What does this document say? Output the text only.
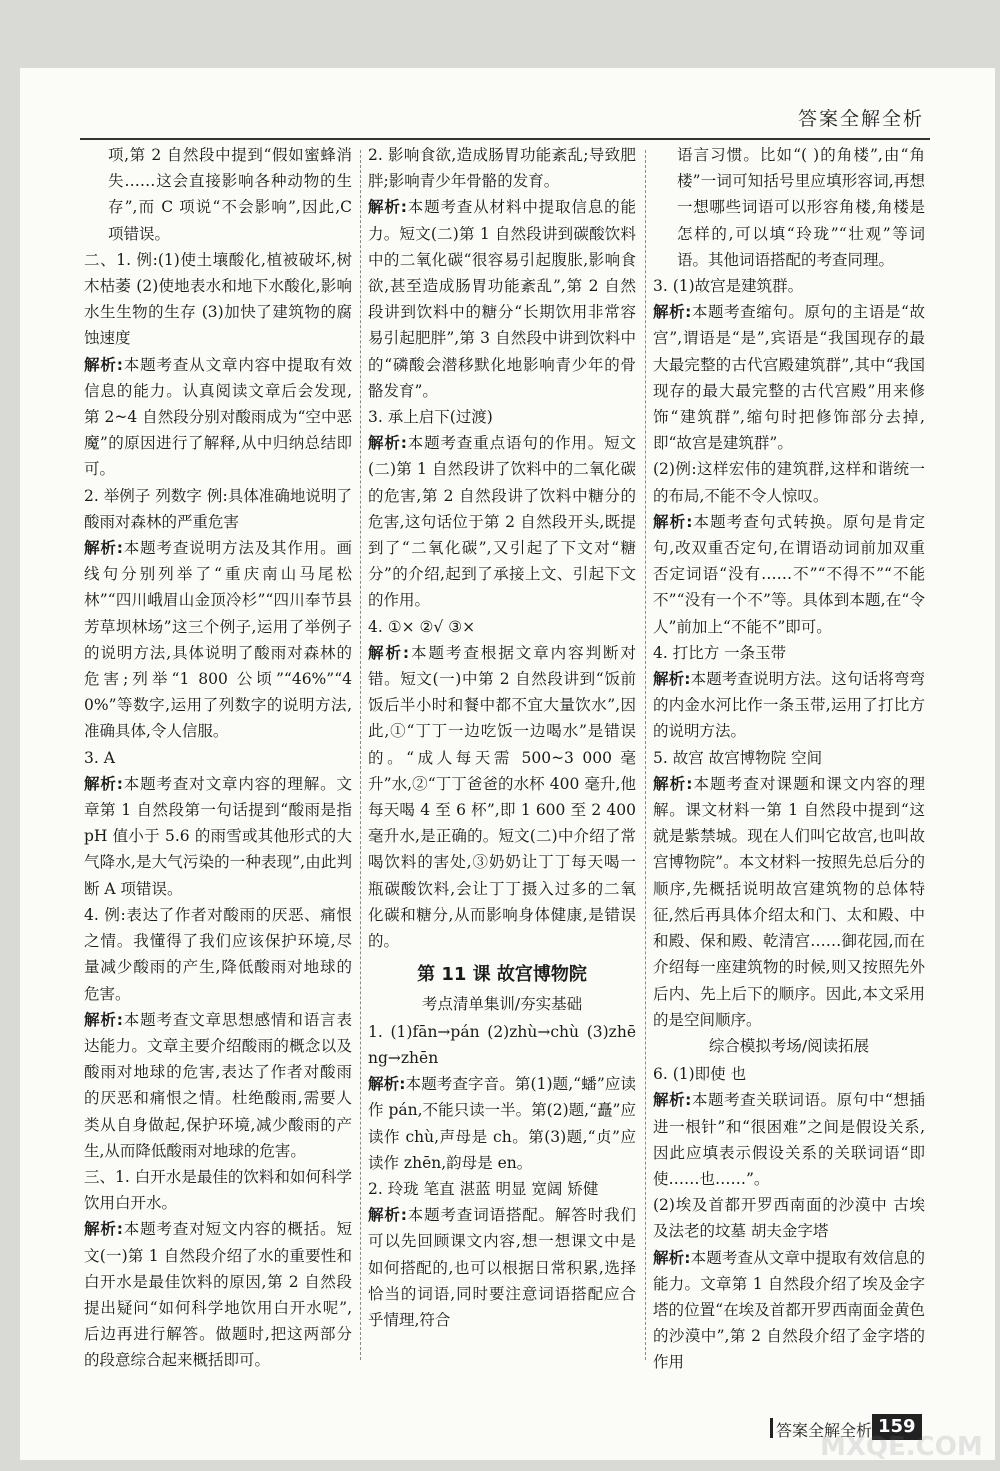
答案全解全析

项,第 2 自然段中提到“假如蜜蜂消失……这会直接影响各种动物的生存”,而 C 项说“不会影响”,因此,C 项错误。

二、1. 例:(1)使土壤酸化,植被破坏,树木枯萎 (2)使地表水和地下水酸化,影响水生生物的生存 (3)加快了建筑物的腐蚀速度

解析:本题考查从文章内容中提取有效信息的能力。认真阅读文章后会发现,第 2~4 自然段分别对酸雨成为“空中恶魔”的原因进行了解释,从中归纳总结即可。

2. 举例子 列数字 例:具体准确地说明了酸雨对森林的严重危害

解析:本题考查说明方法及其作用。画线句分别列举了“重庆南山马尾松林”“四川峨眉山金顶冷杉”“四川奉节县芳草坝林场”这三个例子,运用了举例子的说明方法,具体说明了酸雨对森林的危害;列举“1 800 公顷”“46%”“40%”等数字,运用了列数字的说明方法,准确具体,令人信服。

3. A

解析:本题考查对文章内容的理解。文章第 1 自然段第一句话提到“酸雨是指 pH 值小于 5.6 的雨雪或其他形式的大气降水,是大气污染的一种表现”,由此判断 A 项错误。

4. 例:表达了作者对酸雨的厌恶、痛恨之情。我懂得了我们应该保护环境,尽量减少酸雨的产生,降低酸雨对地球的危害。

解析:本题考查文章思想感情和语言表达能力。文章主要介绍酸雨的概念以及酸雨对地球的危害,表达了作者对酸雨的厌恶和痛恨之情。杜绝酸雨,需要人类从自身做起,保护环境,减少酸雨的产生,从而降低酸雨对地球的危害。

三、1. 白开水是最佳的饮料和如何科学饮用白开水。

解析:本题考查对短文内容的概括。短文(一)第 1 自然段介绍了水的重要性和白开水是最佳饮料的原因,第 2 自然段提出疑问“如何科学地饮用白开水呢”,后边再进行解答。做题时,把这两部分的段意综合起来概括即可。

2. 影响食欲,造成肠胃功能紊乱;导致肥胖;影响青少年骨骼的发育。

解析:本题考查从材料中提取信息的能力。短文(二)第 1 自然段讲到碳酸饮料中的二氧化碳“很容易引起腹胀,影响食欲,甚至造成肠胃功能紊乱”,第 2 自然段讲到饮料中的糖分“长期饮用非常容易引起肥胖”,第 3 自然段中讲到饮料中的“磷酸会潜移默化地影响青少年的骨骼发育”。

3. 承上启下(过渡)

解析:本题考查重点语句的作用。短文(二)第 1 自然段讲了饮料中的二氧化碳的危害,第 2 自然段讲了饮料中糖分的危害,这句话位于第 2 自然段开头,既提到了“二氧化碳”,又引起了下文对“糖分”的介绍,起到了承接上文、引起下文的作用。

4. ①× ②√ ③×

解析:本题考查根据文章内容判断对错。短文(一)中第 2 自然段讲到“饭前饭后半小时和餐中都不宜大量饮水”,因此,①“丁丁一边吃饭一边喝水”是错误的。“成人每天需 500~3 000 毫升”水,②“丁丁爸爸的水杯 400 毫升,他每天喝 4 至 6 杯”,即 1 600 至 2 400 毫升水,是正确的。短文(二)中介绍了常喝饮料的害处,③奶奶让丁丁每天喝一瓶碳酸饮料,会让丁丁摄入过多的二氧化碳和糖分,从而影响身体健康,是错误的。

第 11 课 故宫博物院
考点清单集训/夯实基础

1. (1)fān→pán (2)zhù→chù (3)zhēng→zhēn

解析:本题考查字音。第(1)题,“蟠”应读作 pán,不能只读一半。第(2)题,“矗”应读作 chù,声母是 ch。第(3)题,“贞”应读作 zhēn,韵母是 en。

2. 玲珑 笔直 湛蓝 明显 宽阔 矫健

解析:本题考查词语搭配。解答时我们可以先回顾课文内容,想一想课文中是如何搭配的,也可以根据日常积累,选择恰当的词语,同时要注意词语搭配应合乎情理,符合

语言习惯。比如“( )的角楼”,由“角楼”一词可知括号里应填形容词,再想一想哪些词语可以形容角楼,角楼是怎样的,可以填“玲珑”“壮观”等词语。其他词语搭配的考查同理。

3. (1)故宫是建筑群。

解析:本题考查缩句。原句的主语是“故宫”,谓语是“是”,宾语是“我国现存的最大最完整的古代宫殿建筑群”,其中“我国现存的最大最完整的古代宫殿”用来修饰“建筑群”,缩句时把修饰部分去掉,即“故宫是建筑群”。

(2)例:这样宏伟的建筑群,这样和谐统一的布局,不能不令人惊叹。

解析:本题考查句式转换。原句是肯定句,改双重否定句,在谓语动词前加双重否定词语“没有……不”“不得不”“不能不”“没有一个不”等。具体到本题,在“令人”前加上“不能不”即可。

4. 打比方 一条玉带

解析:本题考查说明方法。这句话将弯弯的内金水河比作一条玉带,运用了打比方的说明方法。

5. 故宫 故宫博物院 空间

解析:本题考查对课题和课文内容的理解。课文材料一第 1 自然段中提到“这就是紫禁城。现在人们叫它故宫,也叫故宫博物院”。本文材料一按照先总后分的顺序,先概括说明故宫建筑物的总体特征,然后再具体介绍太和门、太和殿、中和殿、保和殿、乾清宫……御花园,而在介绍每一座建筑物的时候,则又按照先外后内、先上后下的顺序。因此,本文采用的是空间顺序。

综合模拟考场/阅读拓展

6. (1)即使 也

解析:本题考查关联词语。原句中“想插进一根针”和“很困难”之间是假设关系,因此应填表示假设关系的关联词语“即使……也……”。

(2)埃及首都开罗西南面的沙漠中 古埃及法老的坟墓 胡夫金字塔

解析:本题考查从文章中提取有效信息的能力。文章第 1 自然段介绍了埃及金字塔的位置“在埃及首都开罗西南面金黄色的沙漠中”,第 2 自然段介绍了金字塔的作用

答案全解全析 159
MXQE.COM
